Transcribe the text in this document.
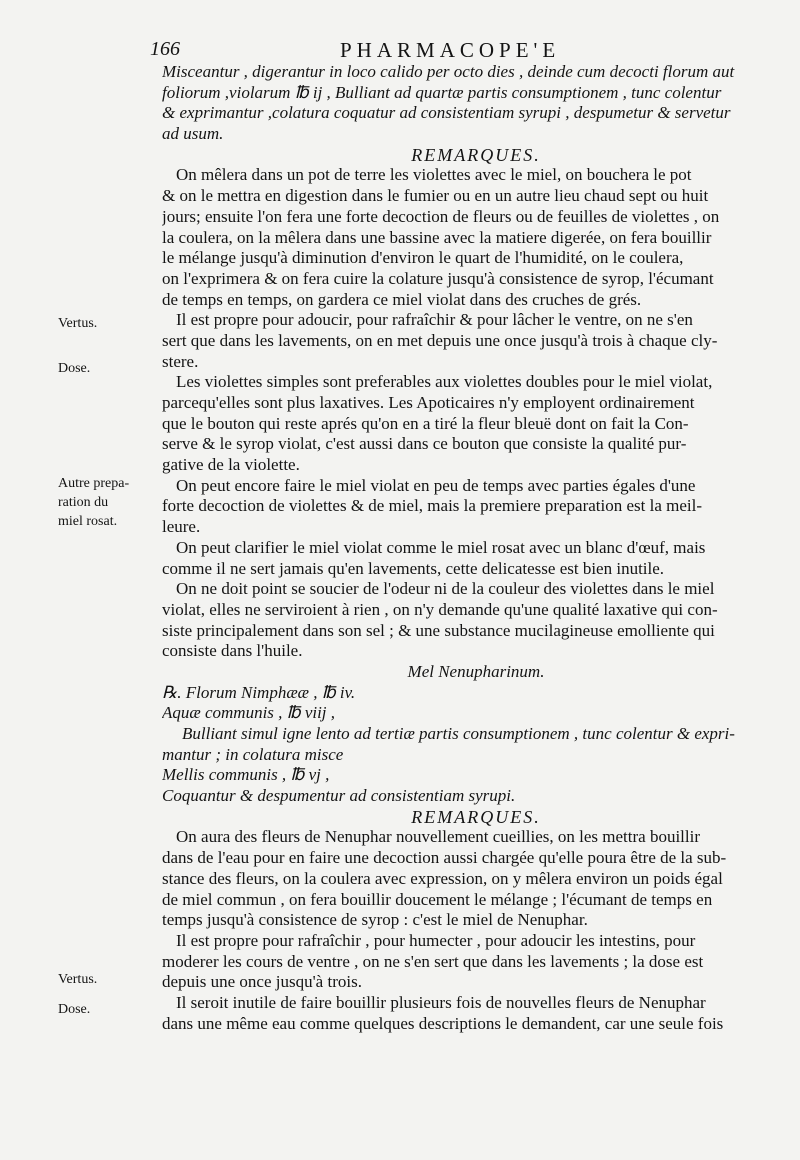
166	PHARMACOPE'E
Vertus.
Dose.
Autre prepa-
ration du
miel rosat.
Vertus.
Dose.
Misceantur , digerantur in loco calido per octo dies , deinde cum decocti florum aut
foliorum ,violarum ℔ ij , Bulliant ad quartæ partis consumptionem , tunc colentur
& exprimantur ,colatura coquatur ad consistentiam syrupi , despumetur & servetur
ad usum.
REMARQUES.
On mêlera dans un pot de terre les violettes avec le miel, on bouchera le pot
& on le mettra en digestion dans le fumier ou en un autre lieu chaud sept ou huit
jours; ensuite l'on fera une forte decoction de fleurs ou de feuilles de violettes , on
la coulera, on la mêlera dans une bassine avec la matiere digerée, on fera bouillir
le mélange jusqu'à diminution d'environ le quart de l'humidité, on le coulera,
on l'exprimera & on fera cuire la colature jusqu'à consistence de syrop, l'écumant
de temps en temps, on gardera ce miel violat dans des cruches de grés.
Il est propre pour adoucir, pour rafraîchir & pour lâcher le ventre, on ne s'en
sert que dans les lavements, on en met depuis une once jusqu'à trois à chaque cly-
stere.
Les violettes simples sont preferables aux violettes doubles pour le miel violat,
parcequ'elles sont plus laxatives. Les Apoticaires n'y employent ordinairement
que le bouton qui reste aprés qu'on en a tiré la fleur bleuë dont on fait la Con-
serve & le syrop violat, c'est aussi dans ce bouton que consiste la qualité pur-
gative de la violette.
On peut encore faire le miel violat en peu de temps avec parties égales d'une
forte decoction de violettes & de miel, mais la premiere preparation est la meil-
leure.
On peut clarifier le miel violat comme le miel rosat avec un blanc d'œuf, mais
comme il ne sert jamais qu'en lavements, cette delicatesse est bien inutile.
On ne doit point se soucier de l'odeur ni de la couleur des violettes dans le miel
violat, elles ne serviroient à rien , on n'y demande qu'une qualité laxative qui con-
siste principalement dans son sel ; & une substance mucilagineuse emolliente qui
consiste dans l'huile.
Mel Nenupharinum.
℞. Florum Nimphææ , ℔ iv.
Aquæ communis , ℔ viij ,
Bulliant simul igne lento ad tertiæ partis consumptionem , tunc colentur & expri-
mantur ; in colatura misce
Mellis communis , ℔ vj ,
Coquantur & despumentur ad consistentiam syrupi.
REMARQUES.
On aura des fleurs de Nenuphar nouvellement cueillies, on les mettra bouillir
dans de l'eau pour en faire une decoction aussi chargée qu'elle poura être de la sub-
stance des fleurs, on la coulera avec expression, on y mêlera environ un poids égal
de miel commun , on fera bouillir doucement le mélange ; l'écumant de temps en
temps jusqu'à consistence de syrop : c'est le miel de Nenuphar.
Il est propre pour rafraîchir , pour humecter , pour adoucir les intestins, pour
moderer les cours de ventre , on ne s'en sert que dans les lavements ; la dose est
depuis une once jusqu'à trois.
Il seroit inutile de faire bouillir plusieurs fois de nouvelles fleurs de Nenuphar
dans une même eau comme quelques descriptions le demandent, car une seule fois
